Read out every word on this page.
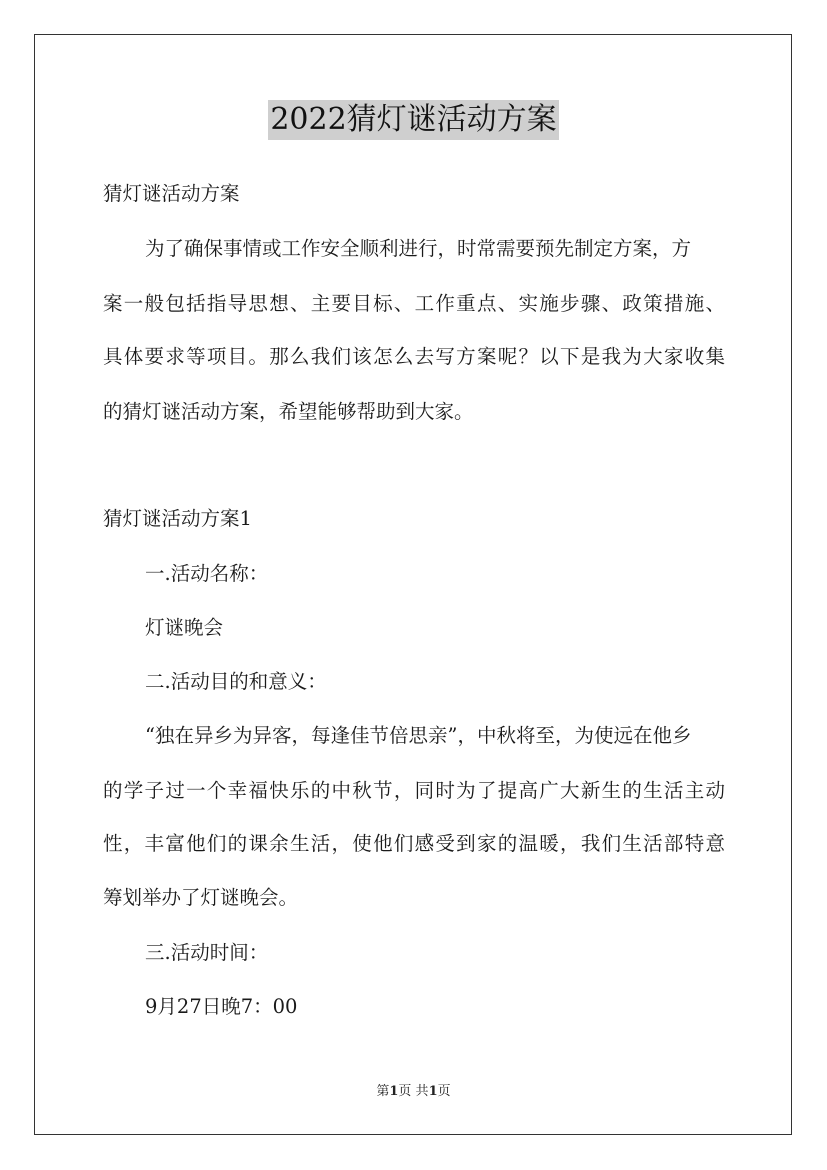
2022猜灯谜活动方案
猜灯谜活动方案
为了确保事情或工作安全顺利进行，时常需要预先制定方案，方
案一般包括指导思想、主要目标、工作重点、实施步骤、政策措施、
具体要求等项目。那么我们该怎么去写方案呢？以下是我为大家收集
的猜灯谜活动方案，希望能够帮助到大家。
猜灯谜活动方案1
一.活动名称：
灯谜晚会
二.活动目的和意义：
“独在异乡为异客，每逢佳节倍思亲”，中秋将至，为使远在他乡
的学子过一个幸福快乐的中秋节，同时为了提高广大新生的生活主动
性，丰富他们的课余生活，使他们感受到家的温暖，我们生活部特意
筹划举办了灯谜晚会。
三.活动时间：
9月27日晚7：00
第1页 共1页
